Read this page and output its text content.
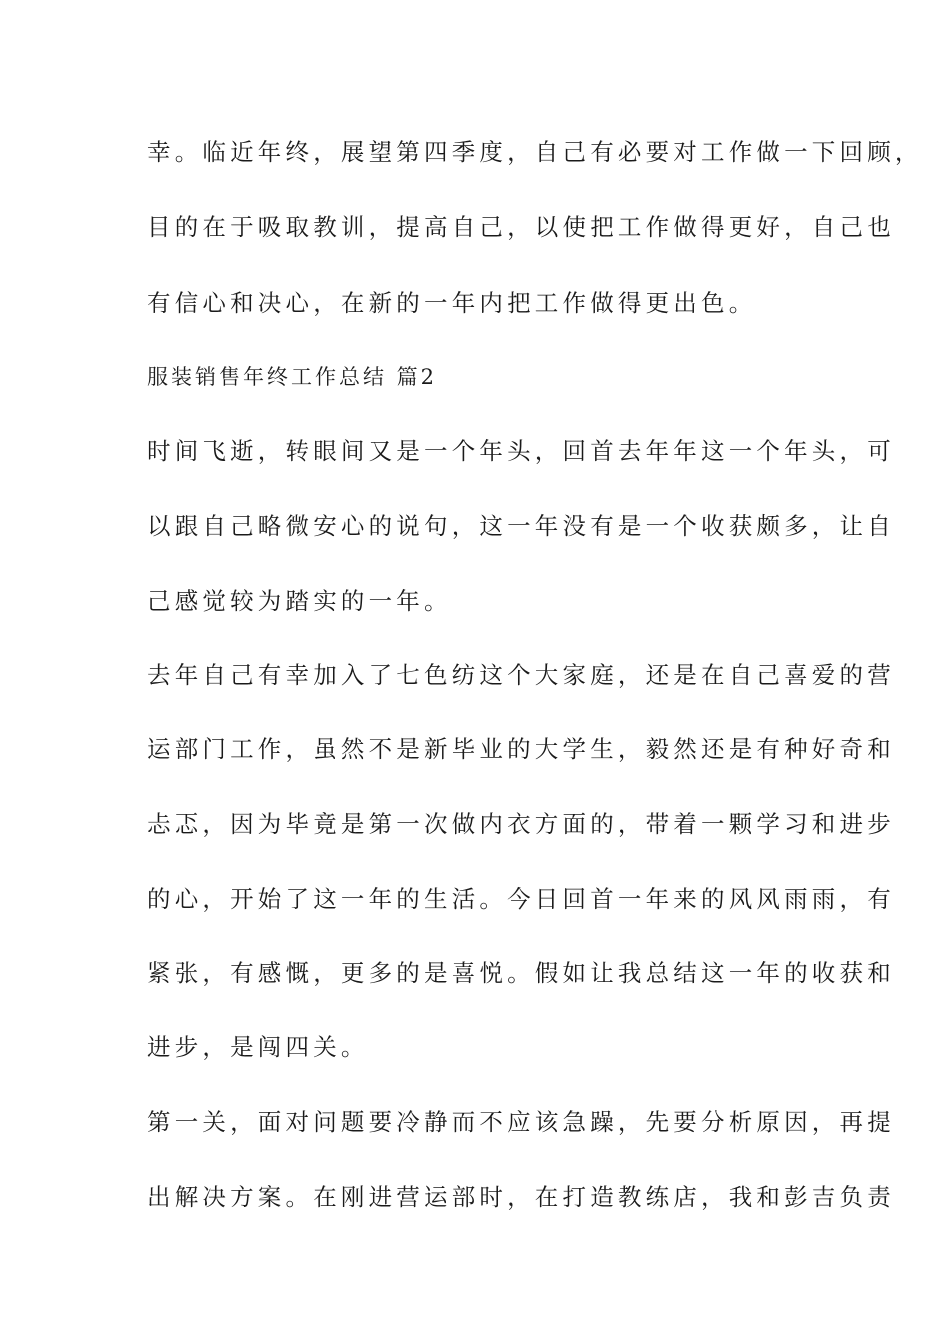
幸。临近年终，展望第四季度，自己有必要对工作做一下回顾，
目的在于吸取教训，提高自己，以使把工作做得更好，自己也
有信心和决心，在新的一年内把工作做得更出色。
服装销售年终工作总结 篇2
时间飞逝，转眼间又是一个年头，回首去年年这一个年头，可
以跟自己略微安心的说句，这一年没有是一个收获颇多，让自
己感觉较为踏实的一年。
去年自己有幸加入了七色纺这个大家庭，还是在自己喜爱的营
运部门工作，虽然不是新毕业的大学生，毅然还是有种好奇和
忐忑，因为毕竟是第一次做内衣方面的，带着一颗学习和进步
的心，开始了这一年的生活。今日回首一年来的风风雨雨，有
紧张，有感慨，更多的是喜悦。假如让我总结这一年的收获和
进步，是闯四关。
第一关，面对问题要冷静而不应该急躁，先要分析原因，再提
出解决方案。在刚进营运部时，在打造教练店，我和彭吉负责
